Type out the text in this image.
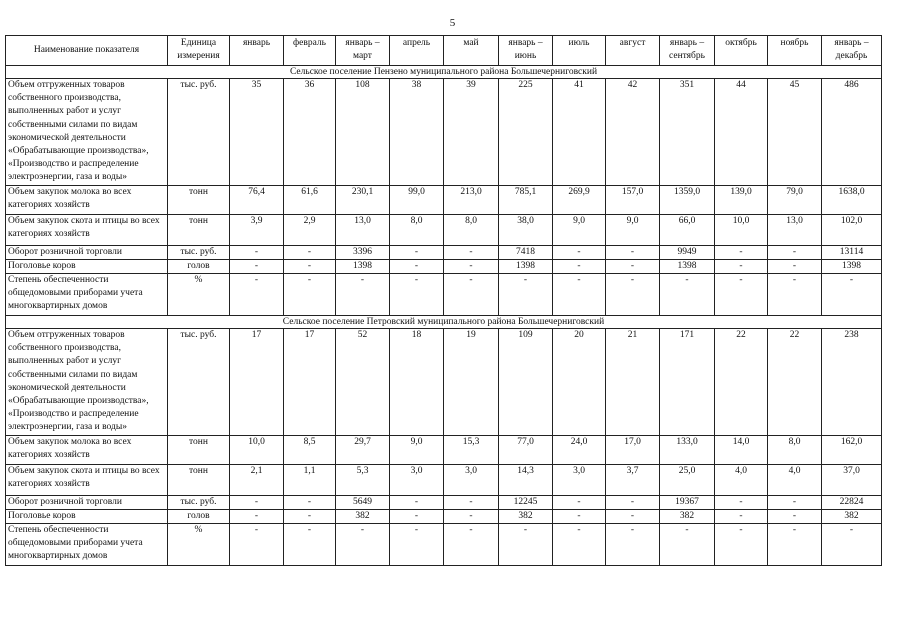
5
Наименование показателя	Единица измерения	январь	февраль	январь – март	апрель	май	январь – июнь	июль	август	январь – сентябрь	октябрь	ноябрь	январь – декабрь
Сельское поселение Пензено муниципального района Большечерниговский													
Объем отгруженных товаров собственного производства, выполненных работ и услуг собственными силами по видам экономической деятельности «Обрабатывающие производства», «Производство и распределение электроэнергии, газа и воды»	тыс. руб.	35	36	108	38	39	225	41	42	351	44	45	486
Объем закупок молока во всех категориях хозяйств	тонн	76,4	61,6	230,1	99,0	213,0	785,1	269,9	157,0	1359,0	139,0	79,0	1638,0
Объем закупок скота и птицы во всех категориях хозяйств	тонн	3,9	2,9	13,0	8,0	8,0	38,0	9,0	9,0	66,0	10,0	13,0	102,0
Оборот розничной торговли	тыс. руб.	-	-	3396	-	-	7418	-	-	9949	-	-	13114
Поголовье коров	голов	-	-	1398	-	-	1398	-	-	1398	-	-	1398
Степень обеспеченности общедомовыми приборами учета многоквартирных домов	%	-	-	-	-	-	-	-	-	-	-	-	-
Сельское поселение Петровский муниципального района Большечерниговский													
Объем отгруженных товаров собственного производства, выполненных работ и услуг собственными силами по видам экономической деятельности «Обрабатывающие производства», «Производство и распределение электроэнергии, газа и воды»	тыс. руб.	17	17	52	18	19	109	20	21	171	22	22	238
Объем закупок молока во всех категориях хозяйств	тонн	10,0	8,5	29,7	9,0	15,3	77,0	24,0	17,0	133,0	14,0	8,0	162,0
Объем закупок скота и птицы во всех категориях хозяйств	тонн	2,1	1,1	5,3	3,0	3,0	14,3	3,0	3,7	25,0	4,0	4,0	37,0
Оборот розничной торговли	тыс. руб.	-	-	5649	-	-	12245	-	-	19367	-	-	22824
Поголовье коров	голов	-	-	382	-	-	382	-	-	382	-	-	382
Степень обеспеченности общедомовыми приборами учета многоквартирных домов	%	-	-	-	-	-	-	-	-	-	-	-	-
